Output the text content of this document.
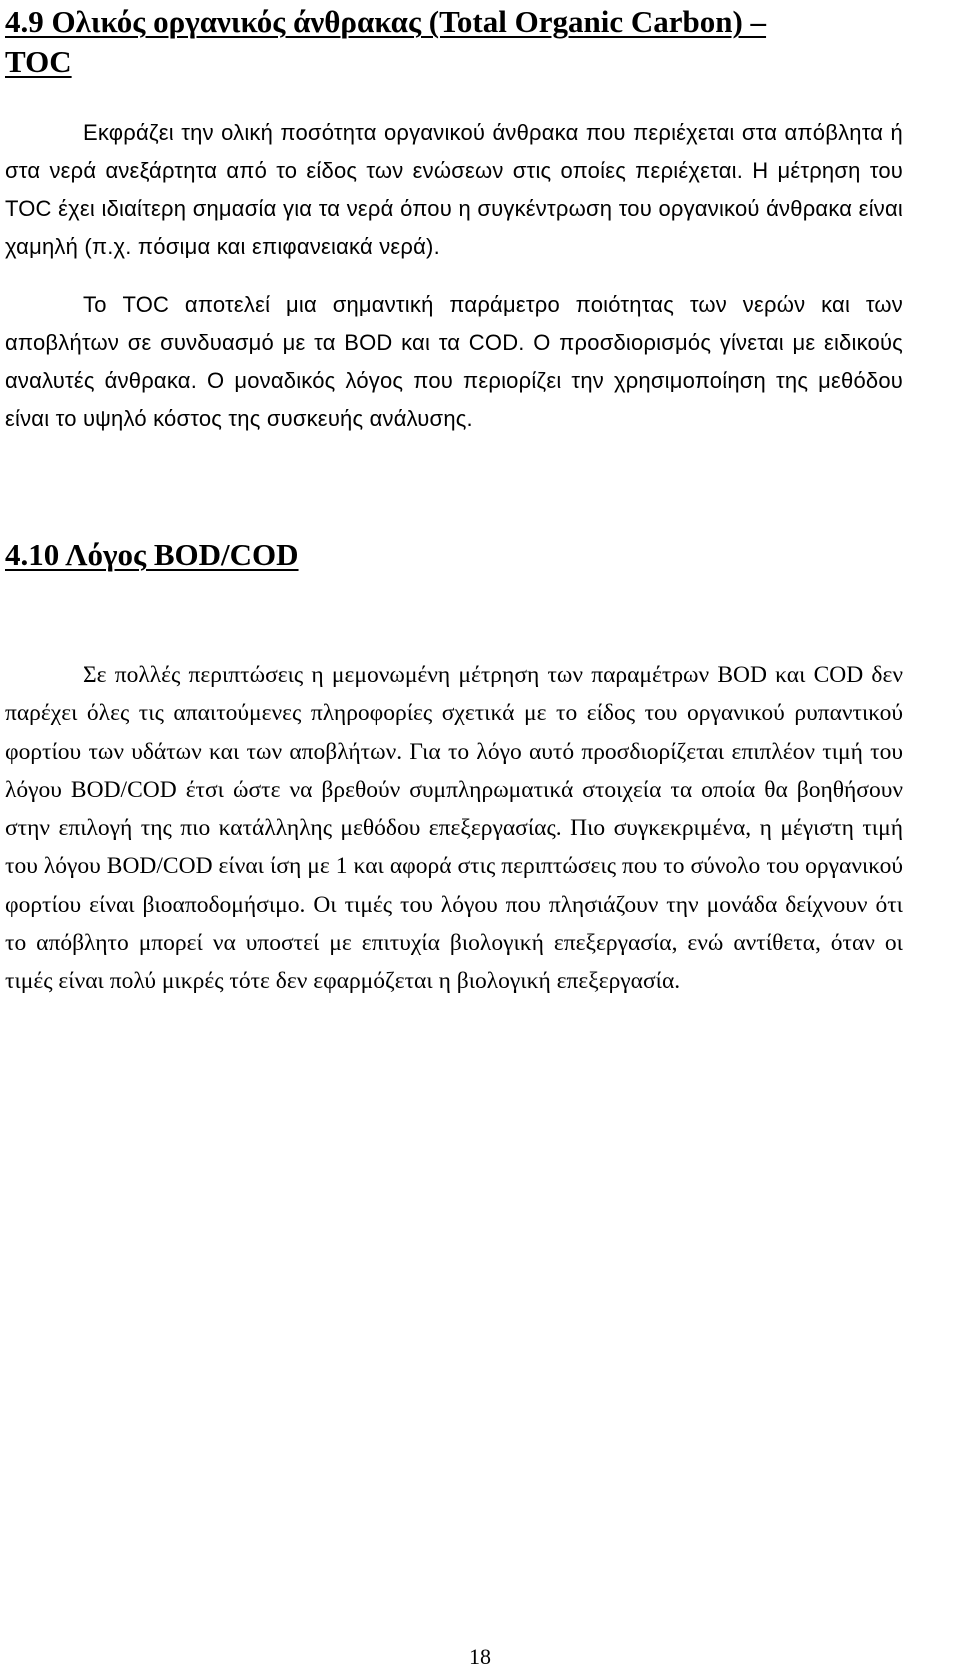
4.9 Ολικός οργανικός άνθρακας (Total Organic Carbon) –
TOC

Εκφράζει την ολική ποσότητα οργανικού άνθρακα που περιέχεται στα απόβλητα ή στα νερά ανεξάρτητα από το είδος των ενώσεων στις οποίες περιέχεται. Η μέτρηση του TOC έχει ιδιαίτερη σημασία για τα νερά όπου η συγκέντρωση του οργανικού άνθρακα είναι χαμηλή (π.χ. πόσιμα και επιφανειακά νερά).

Το TOC αποτελεί μια σημαντική παράμετρο ποιότητας των νερών και των αποβλήτων σε συνδυασμό με τα BOD και τα COD. Ο προσδιορισμός γίνεται με ειδικούς αναλυτές άνθρακα. Ο μοναδικός λόγος που περιορίζει την χρησιμοποίηση της μεθόδου είναι το υψηλό κόστος της συσκευής ανάλυσης.

4.10 Λόγος BOD/COD

Σε πολλές περιπτώσεις η μεμονωμένη μέτρηση των παραμέτρων BOD και COD δεν παρέχει όλες τις απαιτούμενες πληροφορίες σχετικά με το είδος του οργανικού ρυπαντικού φορτίου των υδάτων και των αποβλήτων. Για το λόγο αυτό προσδιορίζεται επιπλέον τιμή του λόγου BOD/COD έτσι ώστε να βρεθούν συμπληρωματικά στοιχεία τα οποία θα βοηθήσουν στην επιλογή της πιο κατάλληλης μεθόδου επεξεργασίας. Πιο συγκεκριμένα, η μέγιστη τιμή του λόγου BOD/COD είναι ίση με 1 και αφορά στις περιπτώσεις που το σύνολο του οργανικού φορτίου είναι βιοαποδομήσιμο. Οι τιμές του λόγου που πλησιάζουν την μονάδα δείχνουν ότι το απόβλητο μπορεί να υποστεί με επιτυχία βιολογική επεξεργασία, ενώ αντίθετα, όταν οι τιμές είναι πολύ μικρές τότε δεν εφαρμόζεται η βιολογική επεξεργασία.

18
